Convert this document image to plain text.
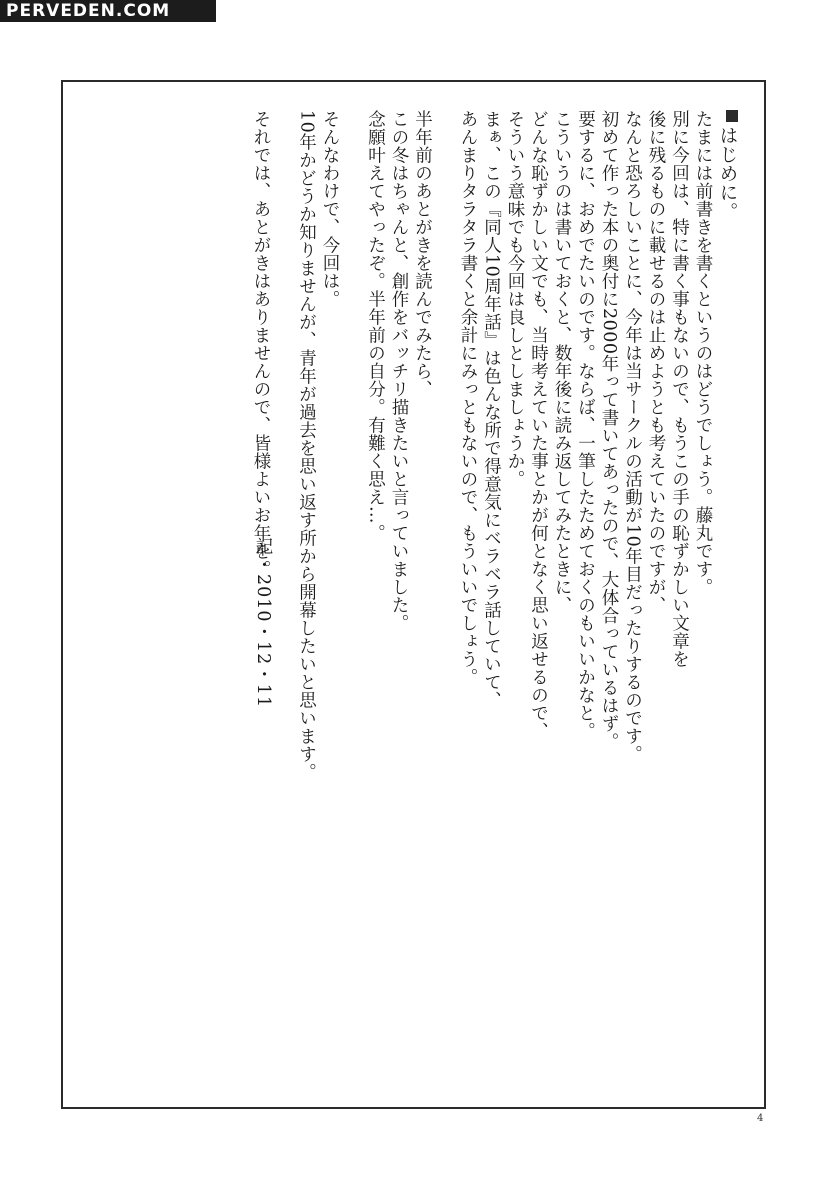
PERVEDEN.COM
はじめに。
たまには前書きを書くというのはどうでしょう。藤丸です。
別に今回は、特に書く事もないので、もうこの手の恥ずかしい文章を
後に残るものに載せるのは止めようとも考えていたのですが、
なんと恐ろしいことに、今年は当サークルの活動が10年目だったりするのです。
初めて作った本の奥付に2000年って書いてあったので、大体合っているはず。
要するに、おめでたいのです。ならば、一筆したためておくのもいいかなと。
こういうのは書いておくと、数年後に読み返してみたときに、
どんな恥ずかしい文でも、当時考えていた事とかが何となく思い返せるので、
そういう意味でも今回は良しとしましょうか。
まぁ、この『同人10周年話』は色んな所で得意気にベラベラ話していて、
あんまりタラタラ書くと余計にみっともないので、もういいでしょう。
半年前のあとがきを読んでみたら、
この冬はちゃんと、創作をバッチリ描きたいと言っていました。
念願叶えてやったぞ。半年前の自分。有難く思え…。
そんなわけで、今回は。
10年かどうか知りませんが、青年が過去を思い返す所から開幕したいと思います。
それでは、あとがきはありませんので、皆様よいお年を。
記・2010・12・11
4
